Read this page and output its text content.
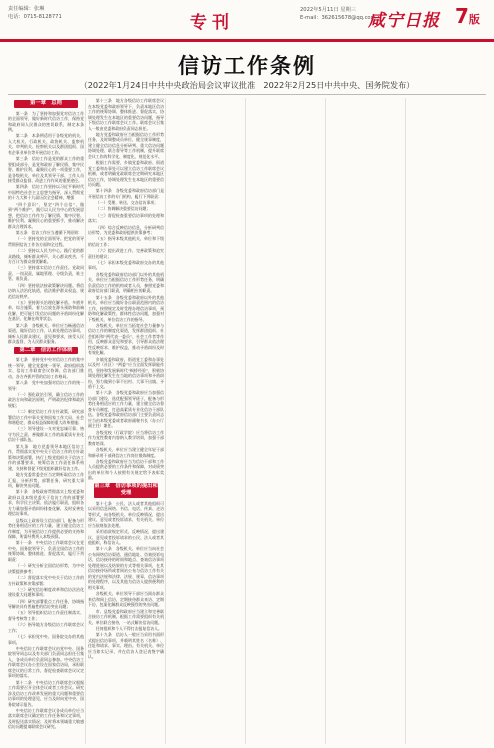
责任编辑：张琳
电话：0715-8128771	专刊
2022年5月11日 星期三
E-mail：362615678@qq.com
咸宁日报 7版
信访工作条例
（2022年1月24日中共中央政治局会议审议批准　2022年2月25日中共中央、国务院发布）
第一章　总则

第一条　为了坚持和加强党对信访工作的全面领导，做好新时代信访工作，保持党和政府同人民群众的密切联系，制定本条例。

第二条　本条例适用于各级党的机关、人大机关、行政机关、政协机关、监察机关、审判机关、检察机关以及群团组织、国有企事业单位等开展信访工作。

第三条　信访工作是党的群众工作的重要组成部分，是党和政府了解民情、集中民智、维护民利、凝聚民心的一项重要工作，是各级机关、单位及其领导干部、工作人员接受群众监督、改进工作作风的重要途径。

第四条　信访工作坚持以习近平新时代中国特色社会主义思想为指导，深入贯彻党的十九大和十九届历次全会精神，增强

“四个意识”、坚定“四个自信”、做到“两个维护”，践行以人民为中心的发展思想，把信访工作作为了解民情、集中民智、维护民利、凝聚民心的重要抓手，推动解决群众合理诉求。

第五条　信访工作应当遵循下列原则：

（一）坚持党的全面领导。把党的领导贯彻到信访工作各方面和全过程。

（二）坚持以人民为中心。践行党的群众路线，倾听群众呼声，关心群众疾苦，千方百计为群众排忧解难。

（三）坚持落实信访工作责任。党政同责、一岗双责，属地管理、分级负责，谁主管、谁负责。

（四）坚持依法按政策解决问题。将信访纳入法治化轨道，依法维护群众权益、规范信访秩序。

（五）坚持源头治理化解矛盾。多措并举、综合施策，着力点放在源头预防和前端化解，把可能引发信访问题的矛盾纠纷化解在基层、化解在萌芽状态。

第六条　各级机关、单位应当畅通信访渠道，做好信访工作，认真处理信访事项，倾听人民群众建议、意见和要求，接受人民群众监督，为人民群众服务。

第二章　信访工作体制

第七条　坚持党中央对信访工作的集中统一领导，健全党委统一领导、政府组织落实、信访工作联席会议协调、信访部门推动、各方齐抓共管的信访工作格局。

第八条　党中央加强对信访工作的统一领导：

（一）强化政治引领，确立信访工作的政治方向和政治原则，严明政治纪律和政治规矩；

（二）制定信访工作方针政策，研究部署信访工作中事关党和国家工作大局、社会和谐稳定、群众权益保障的重大改革措施；

（三）领导建设一支对党忠诚可靠、恪守为民之责、善做群众工作的高素质专业化信访干部队伍。

第九条　地方党委领导本地区信访工作，贯彻落实党中央关于信访工作的方针政策和决策部署，执行上级党组织关于信访工作的部署要求，统筹信访工作责任体系构建，支持和督促下级党组织做好信访工作。

地方党委常委会应当定期听取信访工作汇报，分析形势，部署任务，研究重大事项，解决突出问题。

第十条　各级政府贯彻落实上级党委和政府以及本级党委关于信访工作的部署要求，科学民主决策、依法履行职责，组织各方力量加强矛盾纠纷排查化解，及时妥善处理信访事项。

县级以上政府设立信访部门，配备与形势任务相适应的工作力量，建立健全信访工作制度，为开展信访工作提供必要的支持和保障，所需经费列入本级预算。

第十一条　中央信访工作联席会议在党中央、国务院领导下，负责全国信访工作的统筹协调、整体推进、督促落实，履行下列职责：

（一）研究分析全国信访形势，为中央决策提供参考；

（二）督促落实党中央关于信访工作的方针政策和决策部署；

（三）研究信访制度改革和信访法治化建设重大问题和事项；

（四）研究部署重点工作任务，协调指导解决具有普遍性的信访突出问题；

（五）领导组织信访工作责任制落实、督导考核等工作；

（六）指导地方各级信访工作联席会议工作；

（七）承担党中央、国务院交办的其他事项。

中央信访工作联席会议由党中央、国务院领导同志以及有关部门负责同志担任召集人，各成员单位负责同志参加。中央信访工作联席会议办公室设在国家信访局，承担联席会议的日常工作，督促检查联席会议议定事项的落实。

第十二条　中央信访工作联席会议根据工作需要召开全体会议或者工作会议。研究涉及信访工作改革发展的重大问题和重要信访事项的处理意见，应当及时向党中央、国务院请示报告。

中央信访工作联席会议各成员单位应当落实联席会议确定的工作任务和议定事项，及时报送落实情况；及时将本领域重大敏感信访问题提请联席会议研究。

第十三条　地方各级信访工作联席会议在本级党委和政府领导下，负责本地区信访工作的统筹协调、整体推进、督促落实，协调处理发生在本地区的重要信访问题，指导下级信访工作联席会议工作。联席会议召集人一般由党委和政府负责同志担任。

地方党委和政府应当根据信访工作形势任务，及时调整成员单位，健全规章制度，建立健全信访信息分析研判、重大信访问题协调处理、联合督导等工作机制，提升联席会议工作的科学化、制度化、规范化水平。

根据工作需要，乡镇党委和政府、街道党工委和办事处可以建立信访工作联席会议机制，或者明确党政联席会定期研究本地区信访工作，协调处理发生在本地区的重要信访问题。

第十四条　各级党委和政府信访部门是开展信访工作的专门机构，履行下列职责：

（一）受理、转送、交办信访事项；

（二）协调解决重要信访问题；

（三）督促检查重要信访事项的处理和落实；

（四）综合反映信访信息，分析研判信访形势，为党委和政府提供决策参考；

（五）指导本级其他机关、单位和下级的信访工作；

（六）提出改进工作、完善政策和追究责任的建议；

（七）承担本级党委和政府交办的其他事项。

各级党委和政府信访部门以外的其他机关、单位应当根据信访工作形势任务，明确负责信访工作的机构或者人员，参照党委和政府信访部门职责，明确相应的职责。

第十五条　各级党委和政府以外的其他机关、单位应当做好各自职责范围内的信访工作，按照规定及时受理办理信访事项，预防和化解政策性、群体性信访问题，加强对下级机关、单位信访工作的指导。

各级机关、单位应当拓宽社会力量参与信访工作的制度化渠道，发挥群团组织、社会组织和“两代表一委员”、社会工作者等作用，反映群众意见和要求，引导群众依法理性反映诉求、维护权益，推动矛盾纠纷及时有效化解。

乡镇党委和政府、街道党工委和办事处以及村（社区）“两委”应当全面发挥职能作用，坚持和发展新时代“枫桥经验”，积极协调处理化解发生在当地的信访事项和矛盾纠纷，努力做到小事不出村、大事不出镇、矛盾不上交。

第十六条　各级党委和政府应当加强信访部门建设，选优配强领导班子，配备与形势任务相适应的工作力量，建立健全信访督查专员制度，打造高素质专业化信访干部队伍。各级党委和政府信访部门主要负责同志应当由本级党委或者政府副秘书长（办公厅副主任）兼任。

各级党校（行政学院）应当将信访工作作为党性教育内容纳入教学培训，加强干部教育培训。

各级机关、单位应当建立健全年轻干部和新录用干部到信访工作岗位锻炼制度。

各级党委和政府应当为信访干部和工作人员提供必要的工作条件和保障，对成绩突出的单位和个人按照有关规定给予表彰奖励。

第三章　信访事项的提出和受理

第十七条　公民、法人或者其他组织可以采用信息网络、书信、电话、传真、走访等形式，向各级机关、单位反映情况，提出建议、意见或者投诉请求，有关机关、单位应当依规依法处理。

采用前款规定形式，反映情况，提出建议、意见或者投诉请求的公民、法人或者其他组织，称信访人。

第十八条　各级机关、单位应当向社会公布网络信访渠道、通信地址、咨询投诉电话、信访接待的时间和地点、查询信访事项处理进展以及结果的方式等相关事项，在其信访接待场所或者网站公布与信访工作有关的党内法规和法律、法规、规章，信访事项的处理程序，以及其他为信访人提供便利的相关事项。

各级机关、单位领导干部应当阅办群众来信和网上信访、定期接待群众来访、定期下访，包案化解群众反映强烈的突出问题。

市、县级党委和政府应当建立和完善联合接访工作机制，根据工作需要组织有关机关、单位联合接待，一站式解决信访问题。

任何组织和个人不得打击报复信访人。

第十九条　信访人一般应当采用书面形式提出信访事项，并载明其姓名（名称）、住址和请求、事实、理由。有关机关、单位应当如实记录，并在信访人登记表签字确认。
